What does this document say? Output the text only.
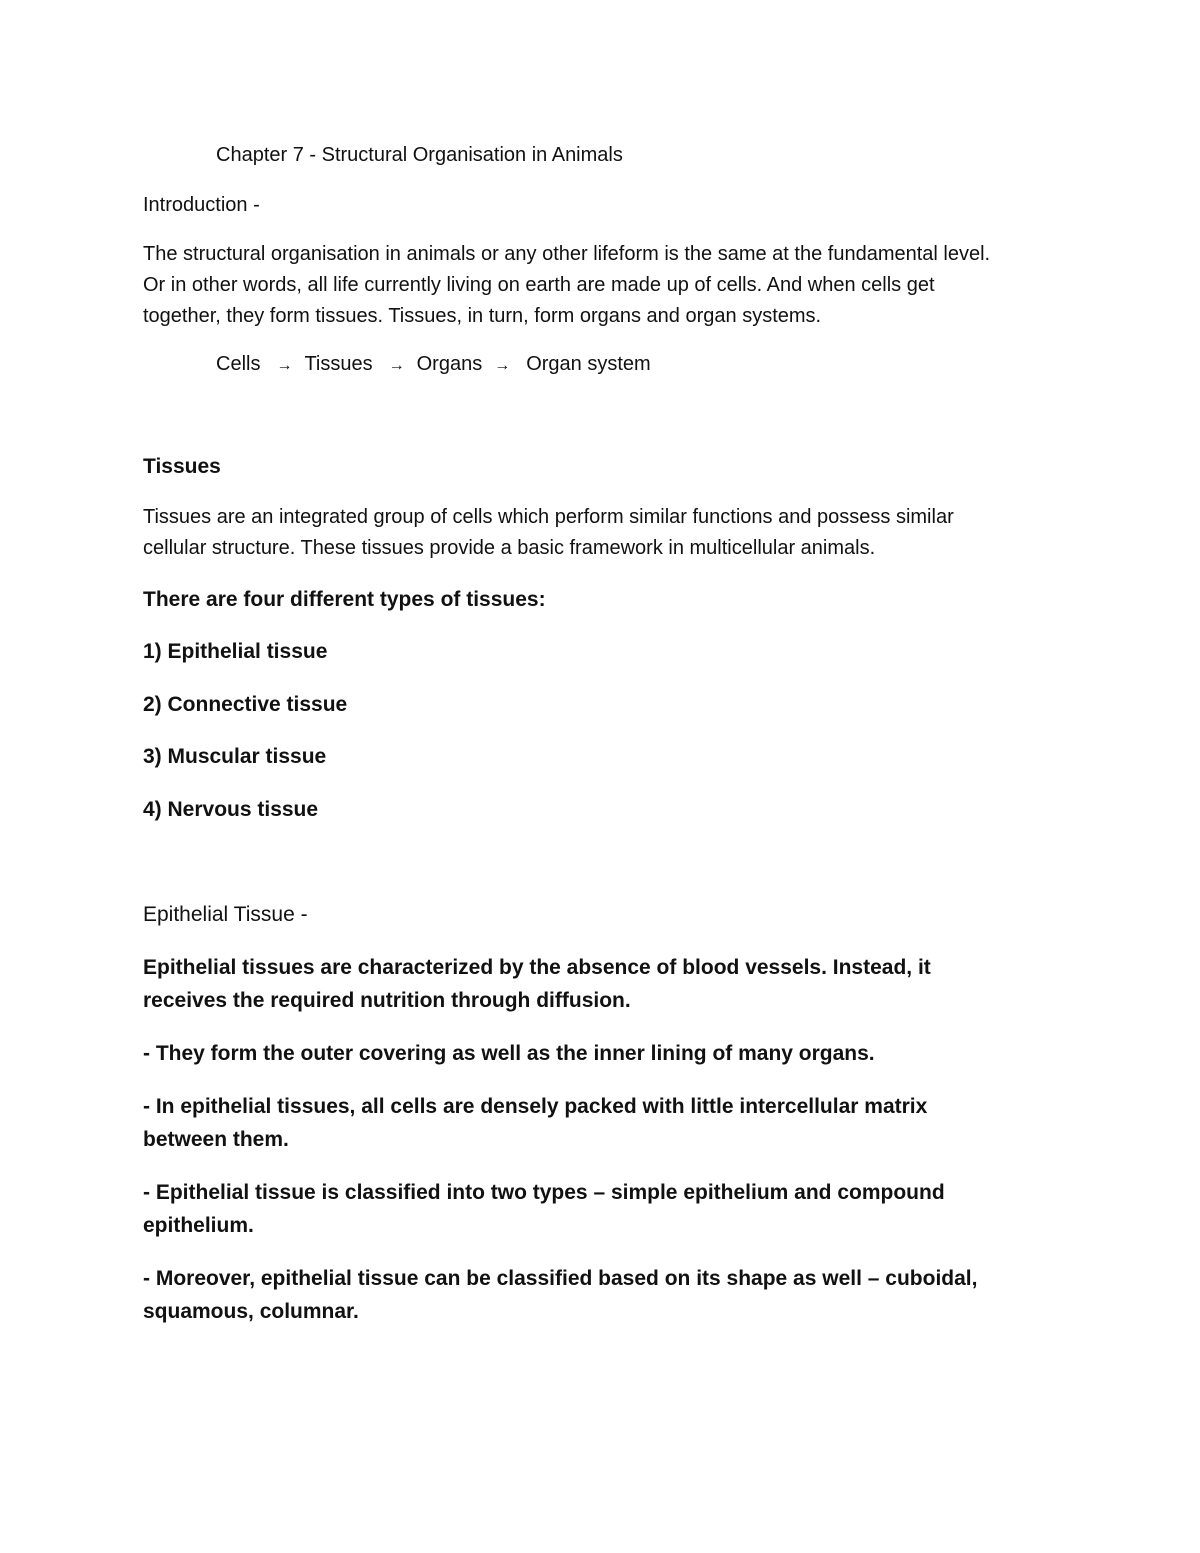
Chapter 7 - Structural Organisation in Animals

Introduction -

The structural organisation in animals or any other lifeform is the same at the fundamental level.

Or in other words, all life currently living on earth are made up of cells. And when cells get

together, they form tissues. Tissues, in turn, form organs and organ systems.

Cells → Tissues → Organs → Organ system

Tissues

Tissues are an integrated group of cells which perform similar functions and possess similar

cellular structure. These tissues provide a basic framework in multicellular animals.

There are four different types of tissues:

1) Epithelial tissue

2) Connective tissue

3) Muscular tissue

4) Nervous tissue

Epithelial Tissue -

Epithelial tissues are characterized by the absence of blood vessels. Instead, it

receives the required nutrition through diffusion.

- They form the outer covering as well as the inner lining of many organs.

- In epithelial tissues, all cells are densely packed with little intercellular matrix

between them.

- Epithelial tissue is classified into two types – simple epithelium and compound

epithelium.

- Moreover, epithelial tissue can be classified based on its shape as well – cuboidal,

squamous, columnar.
